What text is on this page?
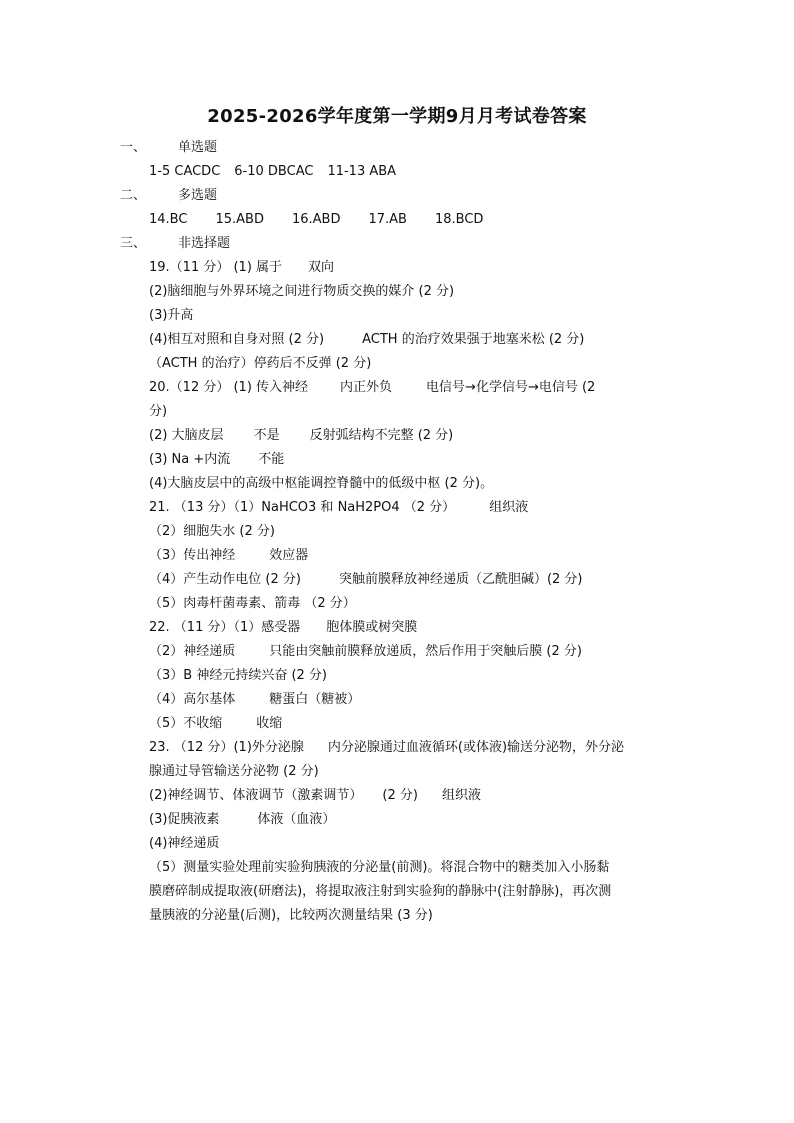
2025-2026学年度第一学期9月月考试卷答案
一、 单选题
1-5 CACDC 6-10 DBCAC 11-13 ABA
二、 多选题
14.BC 15.ABD 16.ABD 17.AB 18.BCD
三、 非选择题
19.（11 分） (1) 属于 双向
(2)脑细胞与外界环境之间进行物质交换的媒介 (2 分)
(3)升高
(4)相互对照和自身对照 (2 分)	ACTH 的治疗效果强于地塞米松 (2 分)
（ACTH 的治疗）停药后不反弹 (2 分)
20.（12 分） (1) 传入神经 内正外负	电信号→化学信号→电信号 (2
分)
(2) 大脑皮层 不是 反射弧结构不完整 (2 分)
(3) Na +内流 不能
(4)大脑皮层中的高级中枢能调控脊髓中的低级中枢 (2 分)。
21. （13 分）（1）NaHCO3 和 NaH2PO4 （2 分）	组织液
（2）细胞失水 (2 分)
（3）传出神经	效应器
（4）产生动作电位 (2 分)	突触前膜释放神经递质（乙酰胆碱）(2 分)
（5）肉毒杆菌毒素、箭毒 （2 分）
22. （11 分）（1）感受器 胞体膜或树突膜
（2）神经递质	只能由突触前膜释放递质，然后作用于突触后膜 (2 分)
（3）B 神经元持续兴奋 (2 分)
（4）高尔基体	糖蛋白（糖被）
（5）不收缩	收缩
23. （12 分）(1)外分泌腺 内分泌腺通过血液循环(或体液)输送分泌物，外分泌
腺通过导管输送分泌物 (2 分)
(2)神经调节、体液调节（激素调节） (2 分) 组织液
(3)促胰液素	体液（血液）
(4)神经递质
（5）测量实验处理前实验狗胰液的分泌量(前测)。将混合物中的糖类加入小肠黏
膜磨碎制成提取液(研磨法)，将提取液注射到实验狗的静脉中(注射静脉)，再次测
量胰液的分泌量(后测)，比较两次测量结果 (3 分)
